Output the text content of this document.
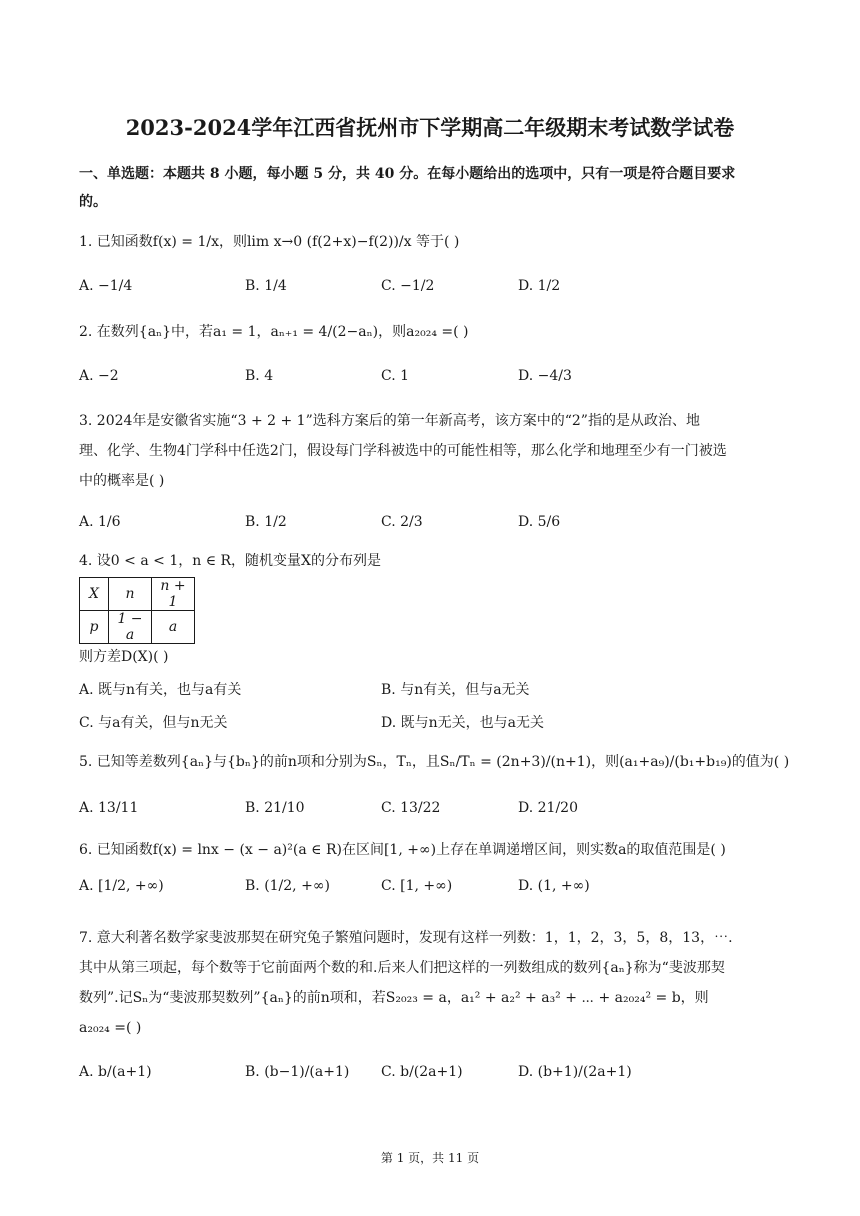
2023-2024学年江西省抚州市下学期高二年级期末考试数学试卷
一、单选题：本题共 8 小题，每小题 5 分，共 40 分。在每小题给出的选项中，只有一项是符合题目要求
的。
1. 已知函数f(x) = 1/x，则lim x→0 (f(2+x)−f(2))/x 等于( )
A. −1/4	B. 1/4	C. −1/2	D. 1/2
2. 在数列{aₙ}中，若a₁ = 1，aₙ₊₁ = 4/(2−aₙ)，则a₂₀₂₄ =( )
A. −2	B. 4	C. 1	D. −4/3
3. 2024年是安徽省实施“3 + 2 + 1”选科方案后的第一年新高考，该方案中的“2”指的是从政治、地
理、化学、生物4门学科中任选2门，假设每门学科被选中的可能性相等，那么化学和地理至少有一门被选
中的概率是( )
A. 1/6	B. 1/2	C. 2/3	D. 5/6
4. 设0 < a < 1，n ∈ R，随机变量X的分布列是
X	n	n + 1
p	1 − a	a
则方差D(X)( )
A. 既与n有关，也与a有关	B. 与n有关，但与a无关
C. 与a有关，但与n无关	D. 既与n无关，也与a无关
5. 已知等差数列{aₙ}与{bₙ}的前n项和分别为Sₙ，Tₙ，且Sₙ/Tₙ = (2n+3)/(n+1)，则(a₁+a₉)/(b₁+b₁₉)的值为( )
A. 13/11	B. 21/10	C. 13/22	D. 21/20
6. 已知函数f(x) = lnx − (x − a)²(a ∈ R)在区间[1, +∞)上存在单调递增区间，则实数a的取值范围是( )
A. [1/2, +∞)	B. (1/2, +∞)	C. [1, +∞)	D. (1, +∞)
7. 意大利著名数学家斐波那契在研究兔子繁殖问题时，发现有这样一列数：1，1，2，3，5，8，13，⋯.
其中从第三项起，每个数等于它前面两个数的和.后来人们把这样的一列数组成的数列{aₙ}称为“斐波那契
数列”.记Sₙ为“斐波那契数列”{aₙ}的前n项和，若S₂₀₂₃ = a，a₁² + a₂² + a₃² + ⋯ + a₂₀₂₄² = b，则
a₂₀₂₄ =( )
A. b/(a+1)	B. (b−1)/(a+1) C. b/(2a+1)	D. (b+1)/(2a+1)
第 1 页，共 11 页
